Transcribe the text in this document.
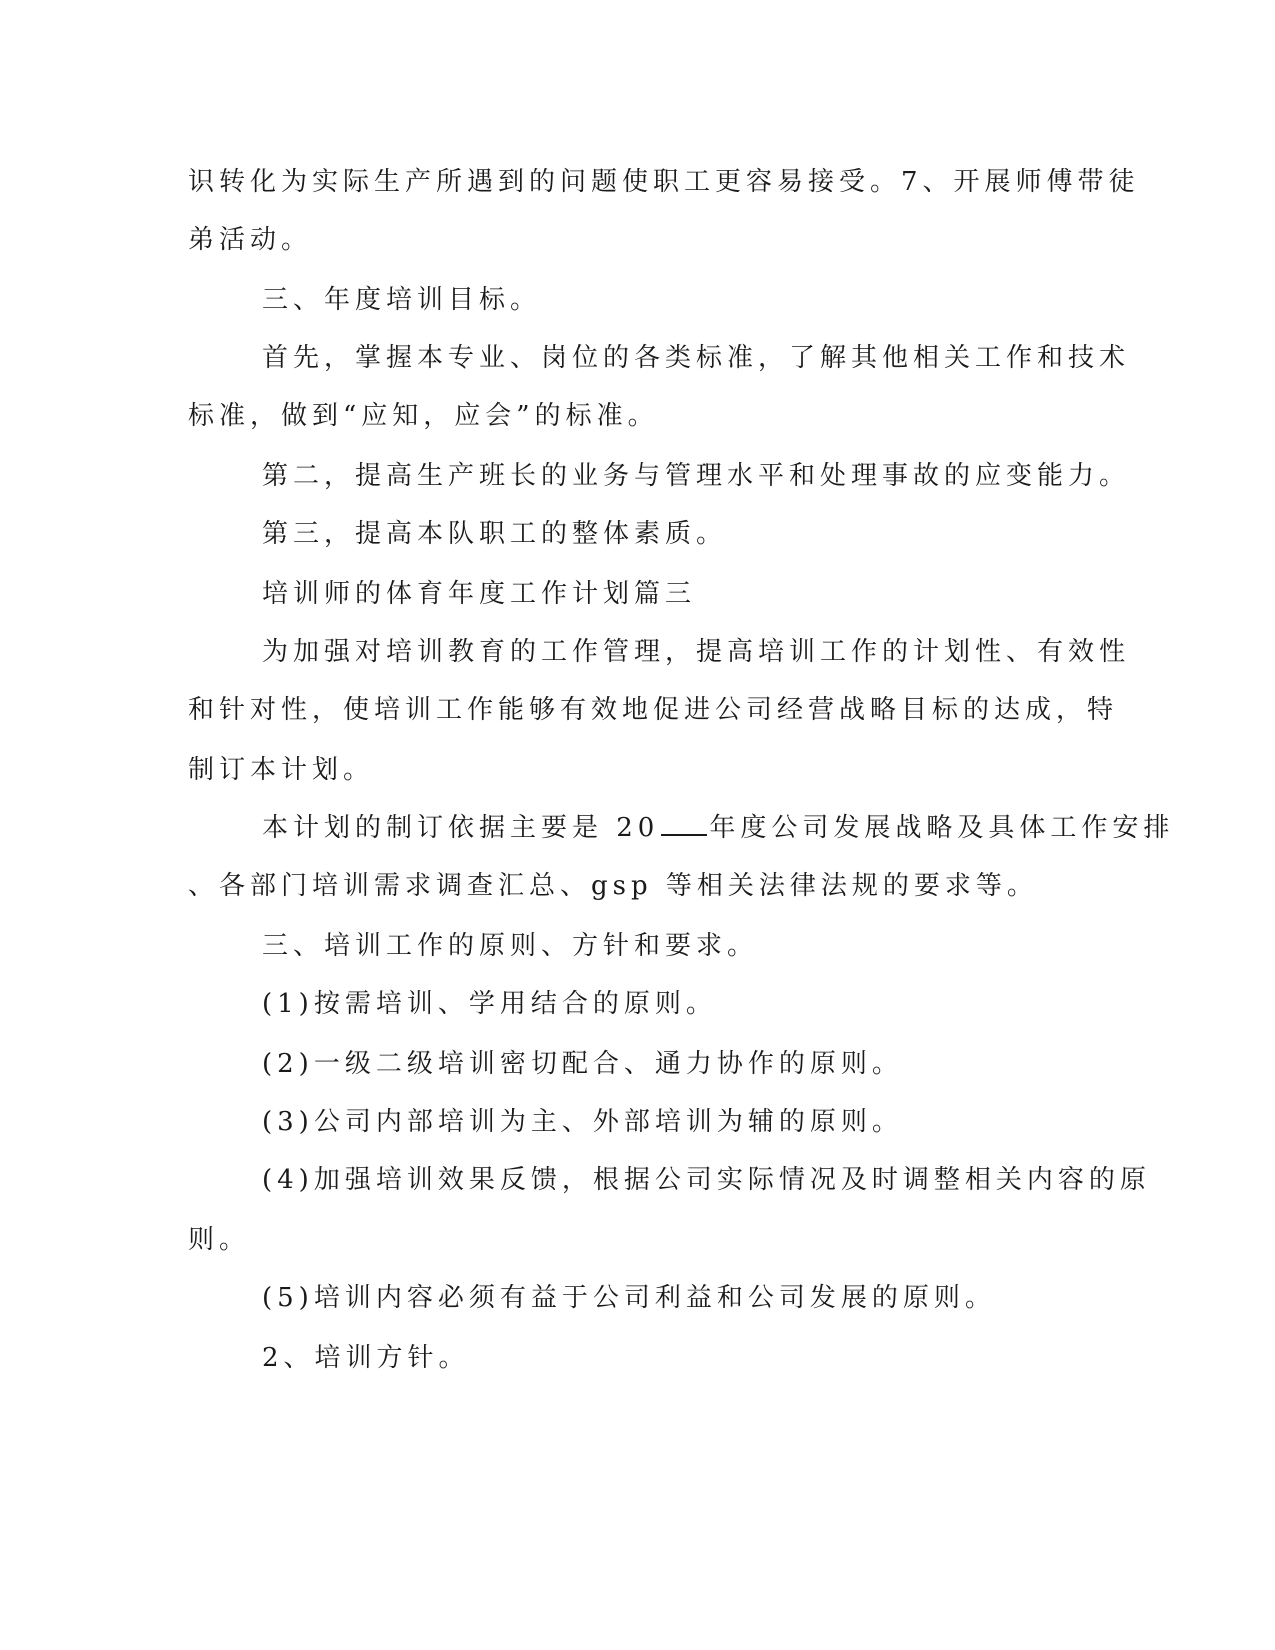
识转化为实际生产所遇到的问题使职工更容易接受。7、开展师傅带徒
弟活动。
三、年度培训目标。
首先，掌握本专业、岗位的各类标准，了解其他相关工作和技术
标准，做到“应知，应会”的标准。
第二，提高生产班长的业务与管理水平和处理事故的应变能力。
第三，提高本队职工的整体素质。
培训师的体育年度工作计划篇三
为加强对培训教育的工作管理，提高培训工作的计划性、有效性
和针对性，使培训工作能够有效地促进公司经营战略目标的达成，特
制订本计划。
本计划的制订依据主要是 20 年度公司发展战略及具体工作安排
、各部门培训需求调查汇总、gsp 等相关法律法规的要求等。
三、培训工作的原则、方针和要求。
(1)按需培训、学用结合的原则。
(2)一级二级培训密切配合、通力协作的原则。
(3)公司内部培训为主、外部培训为辅的原则。
(4)加强培训效果反馈，根据公司实际情况及时调整相关内容的原
则。
(5)培训内容必须有益于公司利益和公司发展的原则。
2、培训方针。
